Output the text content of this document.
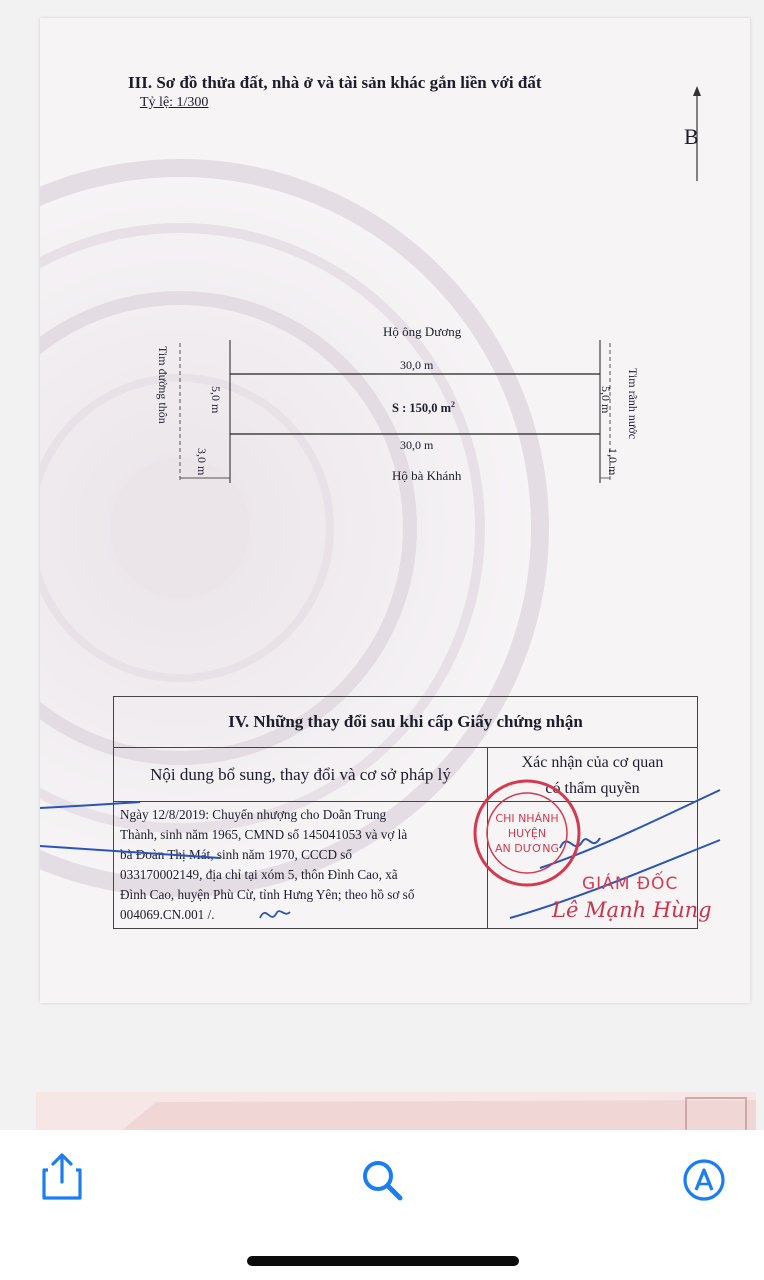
III. Sơ đồ thửa đất, nhà ở và tài sản khác gắn liền với đất
Tỷ lệ: 1/300
B
Hộ ông Dương
30,0 m
S : 150,0 $m^2$
30,0 m
Hộ bà Khánh
Tim đường thôn	5,0 m
3,0 m
Tim rãnh nước
5,0 m
1,0 m
IV. Những thay đổi sau khi cấp Giấy chứng nhận
Nội dung bổ sung, thay đổi và cơ sở pháp lý
Xác nhận của cơ quan
có thẩm quyền
Ngày 12/8/2019: Chuyển nhượng cho Doãn Trung
Thành, sinh năm 1965, CMND số 145041053 và vợ là
bà Đoàn Thị Mát, sinh năm 1970, CCCD số
033170002149, địa chỉ tại xóm 5, thôn Đình Cao, xã
Đình Cao, huyện Phù Cừ, tỉnh Hưng Yên; theo hồ sơ số
004069.CN.001 /.
CHI NHÁNH
HUYỆN
AN DƯƠNG
GIÁM ĐỐC
Lê Mạnh Hùng
